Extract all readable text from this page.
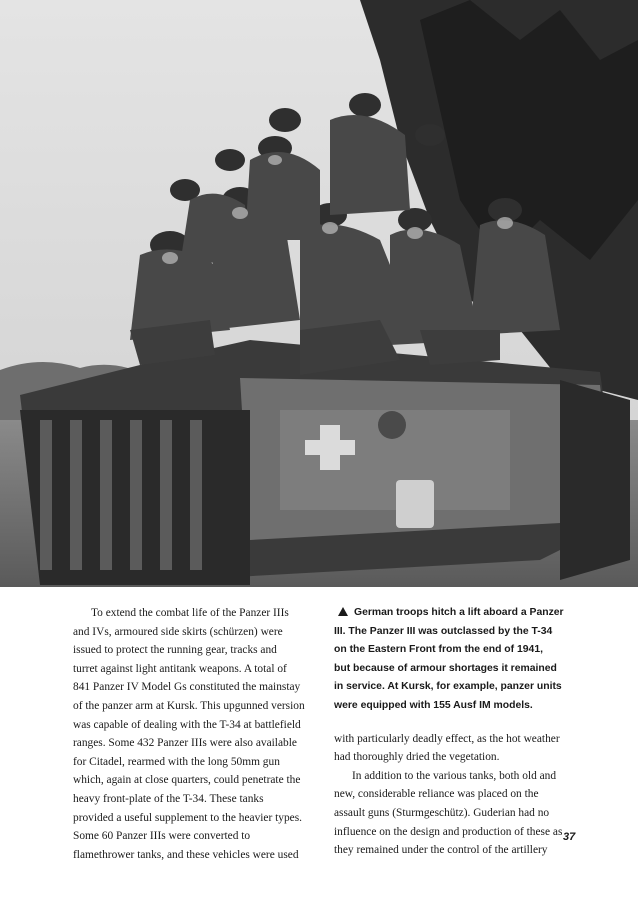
To extend the combat life of the Panzer IIIs
and IVs, armoured side skirts (schürzen) were
issued to protect the running gear, tracks and
turret against light antitank weapons. A total of
841 Panzer IV Model Gs constituted the mainstay
of the panzer arm at Kursk. This upgunned version
was capable of dealing with the T-34 at battlefield
ranges. Some 432 Panzer IIIs were also available
for Citadel, rearmed with the long 50mm gun
which, again at close quarters, could penetrate the
heavy front-plate of the T-34. These tanks
provided a useful supplement to the heavier types.
Some 60 Panzer IIIs were converted to
flamethrower tanks, and these vehicles were used

German troops hitch a lift aboard a Panzer
III. The Panzer III was outclassed by the T-34
on the Eastern Front from the end of 1941,
but because of armour shortages it remained
in service. At Kursk, for example, panzer units
were equipped with 155 Ausf IM models.

with particularly deadly effect, as the hot weather
had thoroughly dried the vegetation.

In addition to the various tanks, both old and
new, considerable reliance was placed on the
assault guns (Sturmgeschütz). Guderian had no
influence on the design and production of these as
they remained under the control of the artillery

37
